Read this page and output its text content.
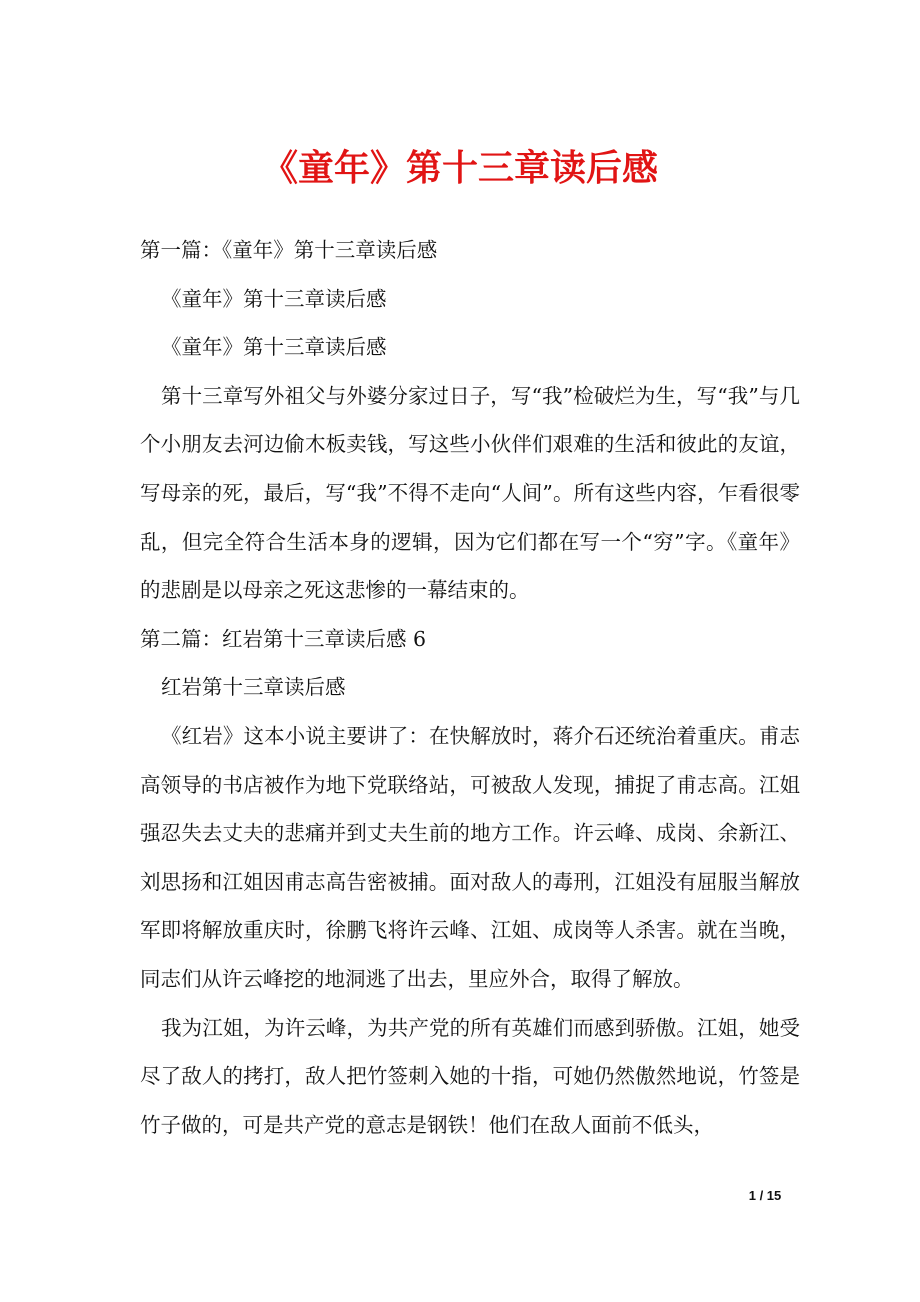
《童年》第十三章读后感

第一篇：《童年》第十三章读后感

《童年》第十三章读后感

《童年》第十三章读后感

第十三章写外祖父与外婆分家过日子，写“我”检破烂为生，写“我”与几个小朋友去河边偷木板卖钱，写这些小伙伴们艰难的生活和彼此的友谊，写母亲的死，最后，写“我”不得不走向“人间”。所有这些内容，乍看很零乱，但完全符合生活本身的逻辑，因为它们都在写一个“穷”字。《童年》的悲剧是以母亲之死这悲惨的一幕结束的。

第二篇：红岩第十三章读后感 6

红岩第十三章读后感

《红岩》这本小说主要讲了：在快解放时，蒋介石还统治着重庆。甫志高领导的书店被作为地下党联络站，可被敌人发现，捕捉了甫志高。江姐强忍失去丈夫的悲痛并到丈夫生前的地方工作。许云峰、成岗、余新江、刘思扬和江姐因甫志高告密被捕。面对敌人的毒刑，江姐没有屈服当解放军即将解放重庆时，徐鹏飞将许云峰、江姐、成岗等人杀害。就在当晚，同志们从许云峰挖的地洞逃了出去，里应外合，取得了解放。

我为江姐，为许云峰，为共产党的所有英雄们而感到骄傲。江姐，她受尽了敌人的拷打，敌人把竹签刺入她的十指，可她仍然傲然地说，竹签是竹子做的，可是共产党的意志是钢铁！他们在敌人面前不低头，

1 / 15
